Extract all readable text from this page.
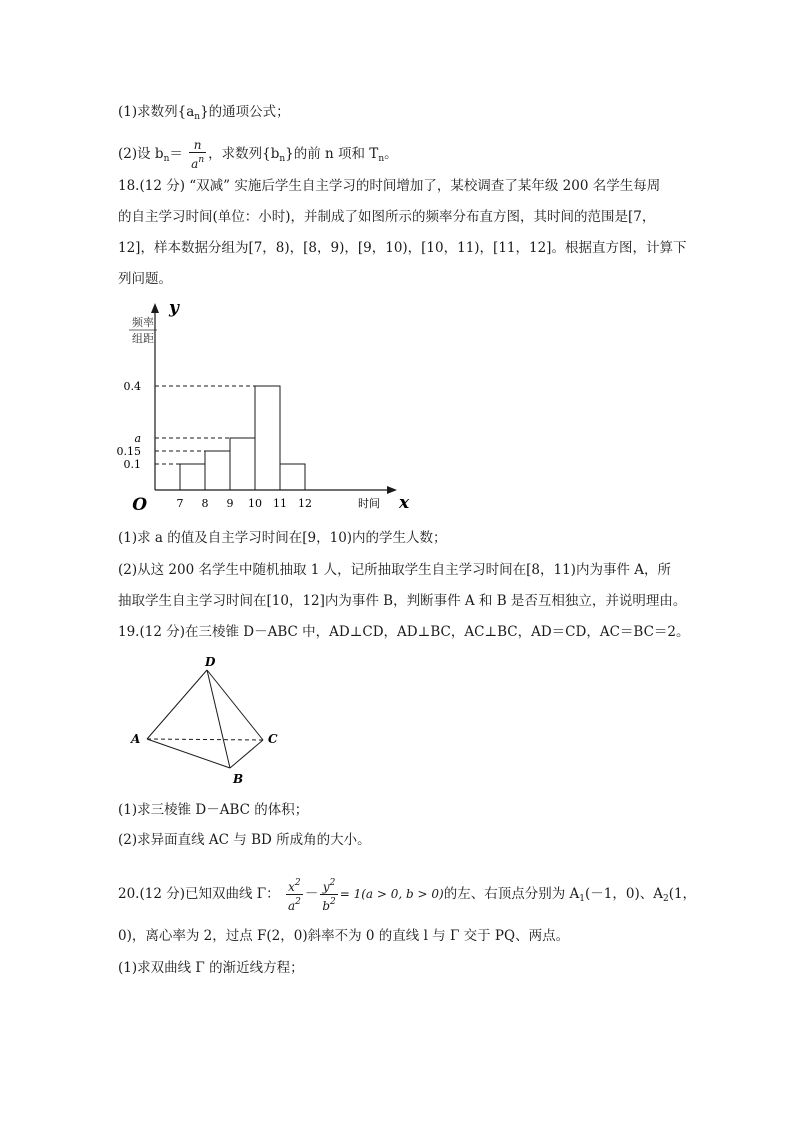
(1)求数列$\{a_n\}$的通项公式；
(2)设 $b_n= \frac{n}{a^n}$ ，求数列$\{b_n\}$的前 n 项和 $T_n$。
18.(12 分) “双减” 实施后学生自主学习的时间增加了，某校调查了某年级 200 名学生每周
的自主学习时间(单位：小时)，并制成了如图所示的频率分布直方图，其时间的范围是[7，
12]，样本数据分组为[7，8)，[8，9)，[9，10)，[10，11)，[11，12]。根据直方图，计算下
列问题。
0.1
0.15
a
0.4
7 8 9 10 11 12	时间 x
y
O
频率
组距
(1)求 a 的值及自主学习时间在[9，10)内的学生人数；
(2)从这 200 名学生中随机抽取 1 人，记所抽取学生自主学习时间在[8，11)内为事件 A，所
抽取学生自主学习时间在[10，12]内为事件 B，判断事件 A 和 B 是否互相独立，并说明理由。
19.(12 分)在三棱锥 D－ABC 中，AD⊥CD，AD⊥BC，AC⊥BC，AD＝CD，AC＝BC＝2。
D
A	C
B
(1)求三棱锥 D－ABC 的体积；
(2)求异面直线 AC 与 BD 所成角的大小。
20.(12 分)已知双曲线 Γ： $\frac{x^2}{a^2} - \frac{y^2}{b^2} = 1(a > 0$, b > 0)的左、右顶点分别为 $A_1(-1$，0)、$A_2(1$，
0)，离心率为 2，过点 F(2，0)斜率不为 0 的直线 l 与 Γ 交于 PQ、两点。
(1)求双曲线 Γ 的渐近线方程；
